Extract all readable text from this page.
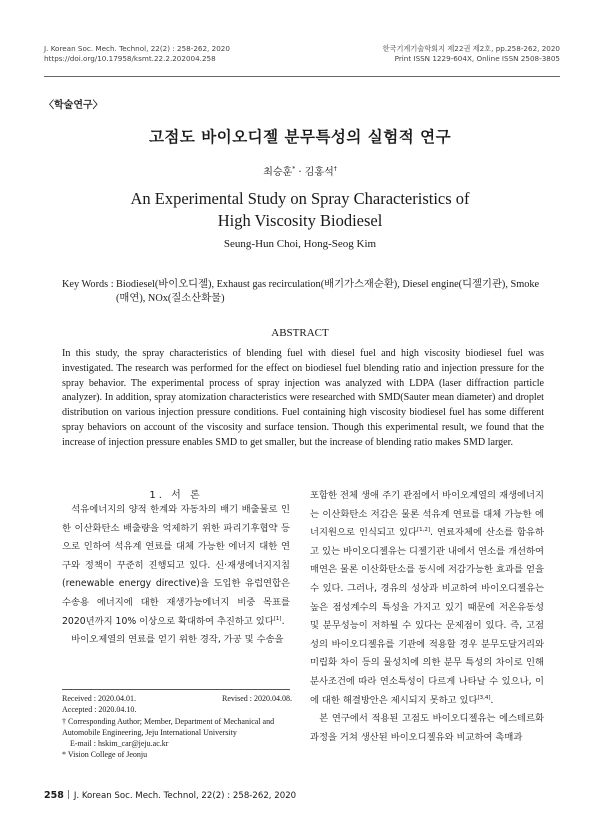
J. Korean Soc. Mech. Technol, 22(2) : 258-262, 2020
https://doi.org/10.17958/ksmt.22.2.202004.258
한국기계기술학회지 제22권 제2호, pp.258-262, 2020
Print ISSN 1229-604X, Online ISSN 2508-3805
〈학술연구〉
고점도 바이오디젤 분무특성의 실험적 연구
최승훈* · 김홍석†
An Experimental Study on Spray Characteristics of
High Viscosity Biodiesel
Seung-Hun Choi, Hong-Seog Kim
Key Words : Biodiesel(바이오디젤), Exhaust gas recirculation(배기가스재순환), Diesel engine(디젤기관), Smoke (매연), NOx(질소산화물)
ABSTRACT
In this study, the spray characteristics of blending fuel with diesel fuel and high viscosity biodiesel fuel was investigated. The research was performed for the effect on biodiesel fuel blending ratio and injection pressure for the spray behavior. The experimental process of spray injection was analyzed with LDPA (laser diffraction particle analyzer). In addition, spray atomization characteristics were researched with SMD(Sauter mean diameter) and droplet distribution on various injection pressure conditions. Fuel containing high viscosity biodiesel fuel has some different spray behaviors on account of the viscosity and surface tension. Though this experimental result, we found that the increase of injection pressure enables SMD to get smaller, but the increase of blending ratio makes SMD larger.
1. 서 론

석유에너지의 양적 한계와 자동차의 배기 배출물로 인한 이산화탄소 배출량을 억제하기 위한 파리기후협약 등으로 인하여 석유계 연료를 대체 가능한 에너지 대한 연구와 정책이 꾸준히 진행되고 있다. 신·재생에너지지침(renewable energy directive)을 도입한 유럽연합은 수송용 에너지에 대한 재생가능에너지 비중 목표를 2020년까지 10% 이상으로 확대하여 추진하고 있다[1].

바이오제열의 연료를 얻기 위한 경작, 가공 및 수송을

Received : 2020.04.01.	Revised : 2020.04.08.
Accepted : 2020.04.10.
† Corresponding Author; Member, Department of Mechanical and Automobile Engineering, Jeju International University
E-mail : hskim_car@jeju.ac.kr
* Vision College of Jeonju

포함한 전체 생애 주기 관점에서 바이오계열의 재생에너지는 이산화탄소 저감은 물론 석유계 연료를 대체 가능한 에너지원으로 인식되고 있다[1,2]. 연료자체에 산소를 함유하고 있는 바이오디젤유는 디젤기관 내에서 연소를 개선하여 매연은 물론 이산화탄소를 동시에 저감가능한 효과를 얻을 수 있다. 그러나, 경유의 성상과 비교하여 바이오디젤유는 높은 점성계수의 특성을 가지고 있기 때문에 저온유동성 및 분무성능이 저하될 수 있다는 문제점이 있다. 즉, 고점성의 바이오디젤유를 기관에 적용할 경우 분무도달거리와 미립화 차이 등의 물성치에 의한 분무 특성의 차이로 인해 분사조건에 따라 연소특성이 다르게 나타날 수 있으나, 이에 대한 해결방안은 제시되지 못하고 있다[3,4].

본 연구에서 적용된 고점도 바이오디젤유는 에스테르화 과정을 거쳐 생산된 바이오디젤유와 비교하여 촉매과

258 J. Korean Soc. Mech. Technol, 22(2) : 258-262, 2020
